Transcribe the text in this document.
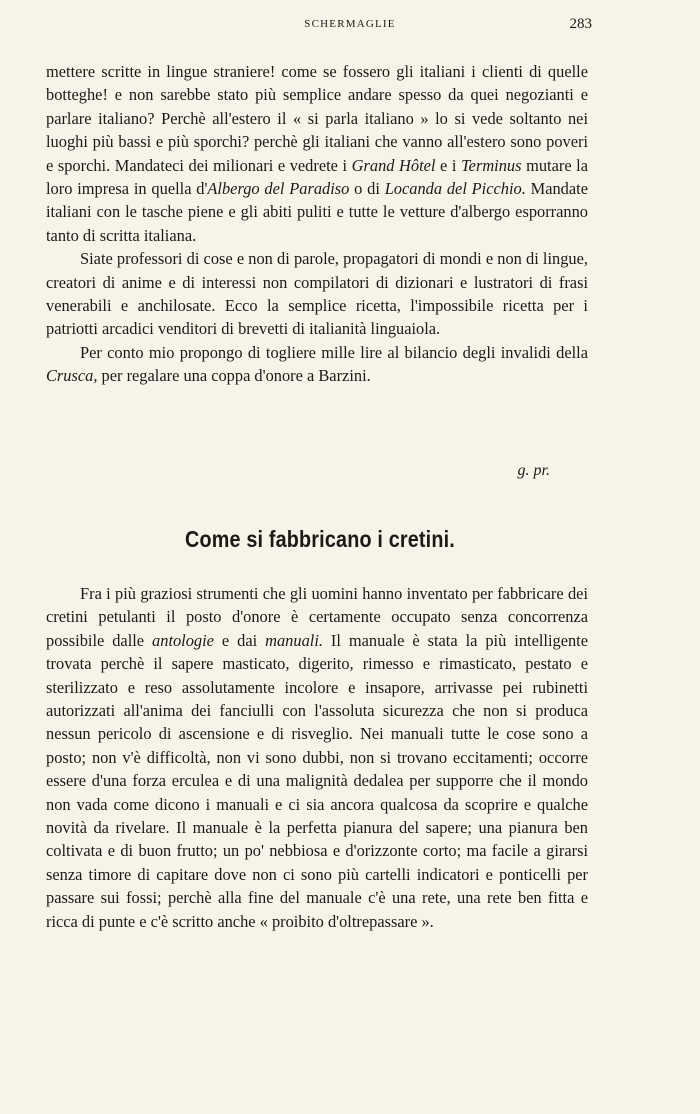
SCHERMAGLIE	283

mettere scritte in lingue straniere! come se fossero gli italiani i clienti di quelle botteghe! e non sarebbe stato più semplice andare spesso da quei negozianti e parlare italiano? Perchè all'estero il « si parla italiano » lo si vede soltanto nei luoghi più bassi e più sporchi? perchè gli italiani che vanno all'estero sono poveri e sporchi. Mandateci dei milionari e vedrete i Grand Hôtel e i Terminus mutare la loro impresa in quella d'Albergo del Paradiso o di Locanda del Picchio. Mandate italiani con le tasche piene e gli abiti puliti e tutte le vetture d'albergo esporranno tanto di scritta italiana.

Siate professori di cose e non di parole, propagatori di mondi e non di lingue, creatori di anime e di interessi non compilatori di dizionari e lustratori di frasi venerabili e anchilosate. Ecco la semplice ricetta, l'impossibile ricetta per i patriotti arcadici venditori di brevetti di italianità linguaiola.

Per conto mio propongo di togliere mille lire al bilancio degli invalidi della Crusca, per regalare una coppa d'onore a Barzini.

g. pr.
Come si fabbricano i cretini.

Fra i più graziosi strumenti che gli uomini hanno inventato per fabbricare dei cretini petulanti il posto d'onore è certamente occupato senza concorrenza possibile dalle antologie e dai manuali. Il manuale è stata la più intelligente trovata perchè il sapere masticato, digerito, rimesso e rimasticato, pestato e sterilizzato e reso assolutamente incolore e insapore, arrivasse pei rubinetti autorizzati all'anima dei fanciulli con l'assoluta sicurezza che non si produca nessun pericolo di ascensione e di risveglio. Nei manuali tutte le cose sono a posto; non v'è difficoltà, non vi sono dubbi, non si trovano eccitamenti; occorre essere d'una forza erculea e di una malignità dedalea per supporre che il mondo non vada come dicono i manuali e ci sia ancora qualcosa da scoprire e qualche novità da rivelare. Il manuale è la perfetta pianura del sapere; una pianura ben coltivata e di buon frutto; un po' nebbiosa e d'orizzonte corto; ma facile a girarsi senza timore di capitare dove non ci sono più cartelli indicatori e ponticelli per passare sui fossi; perchè alla fine del manuale c'è una rete, una rete ben fitta e ricca di punte e c'è scritto anche « proibito d'oltrepassare ».
